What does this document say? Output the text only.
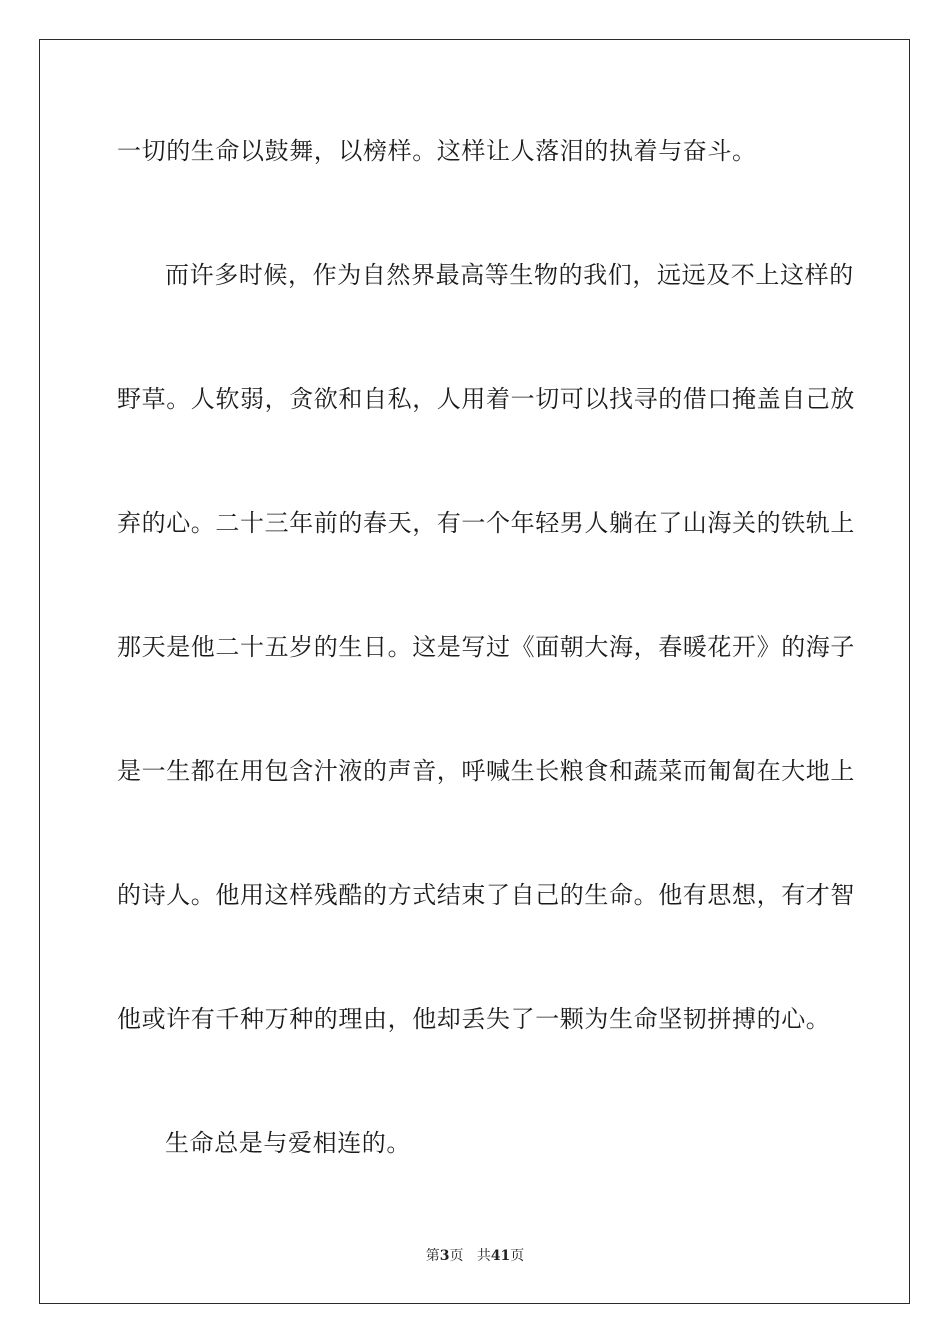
一切的生命以鼓舞，以榜样。这样让人落泪的执着与奋斗。
而许多时候，作为自然界最高等生物的我们，远远及不上这样的
野草。人软弱，贪欲和自私，人用着一切可以找寻的借口掩盖自己放
弃的心。二十三年前的春天，有一个年轻男人躺在了山海关的铁轨上
那天是他二十五岁的生日。这是写过《面朝大海，春暖花开》的海子
是一生都在用包含汁液的声音，呼喊生长粮食和蔬菜而匍匐在大地上
的诗人。他用这样残酷的方式结束了自己的生命。他有思想，有才智
他或许有千种万种的理由，他却丢失了一颗为生命坚韧拼搏的心。
生命总是与爱相连的。
第3页 共41页
